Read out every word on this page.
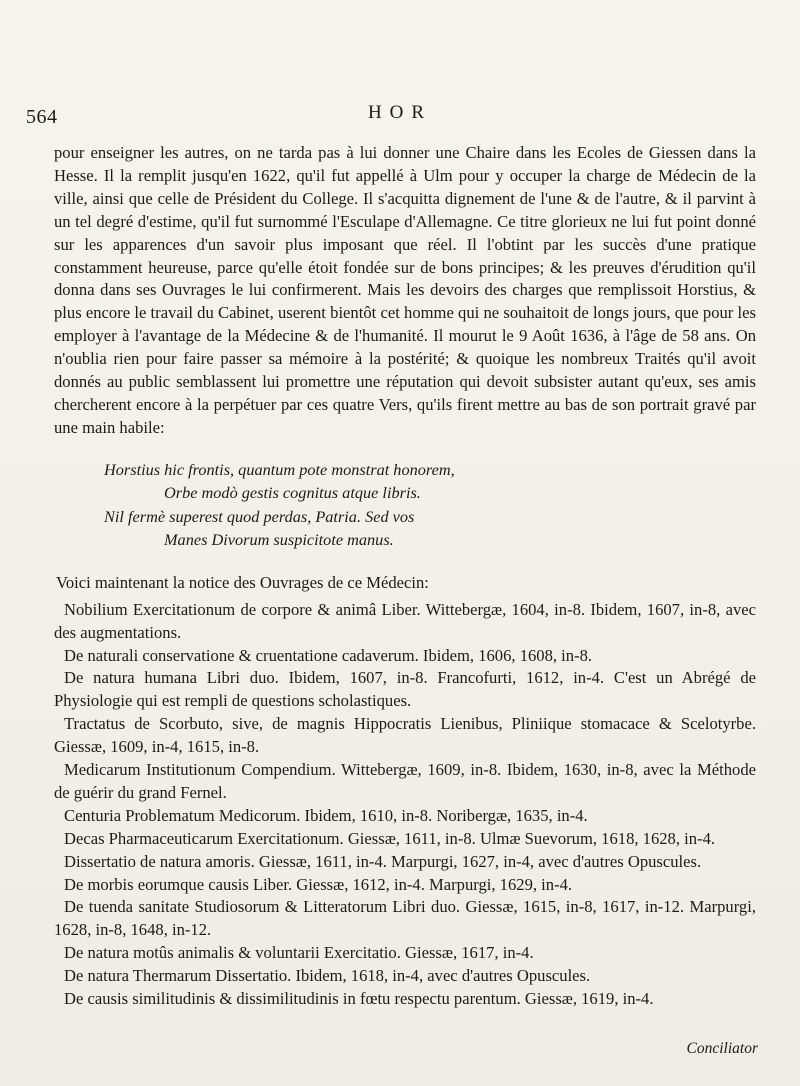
564	HOR

pour enseigner les autres, on ne tarda pas à lui donner une Chaire dans les Ecoles de Giessen dans la Hesse. Il la remplit jusqu'en 1622, qu'il fut appellé à Ulm pour y occuper la charge de Médecin de la ville, ainsi que celle de Président du College. Il s'acquitta dignement de l'une & de l'autre, & il parvint à un tel degré d'estime, qu'il fut surnommé l'Esculape d'Allemagne. Ce titre glorieux ne lui fut point donné sur les apparences d'un savoir plus imposant que réel. Il l'obtint par les succès d'une pratique constamment heureuse, parce qu'elle étoit fondée sur de bons principes; & les preuves d'érudition qu'il donna dans ses Ouvrages le lui confirmerent. Mais les devoirs des charges que remplissoit Horstius, & plus encore le travail du Cabinet, userent bientôt cet homme qui ne souhaitoit de longs jours, que pour les employer à l'avantage de la Médecine & de l'humanité. Il mourut le 9 Août 1636, à l'âge de 58 ans. On n'oublia rien pour faire passer sa mémoire à la postérité; & quoique les nombreux Traités qu'il avoit donnés au public semblassent lui promettre une réputation qui devoit subsister autant qu'eux, ses amis chercherent encore à la perpétuer par ces quatre Vers, qu'ils firent mettre au bas de son portrait gravé par une main habile:

Horstius hic frontis, quantum pote monstrat honorem,
Orbe modò gestis cognitus atque libris.
Nil fermè superest quod perdas, Patria. Sed vos
Manes Divorum suspicitote manus.

Voici maintenant la notice des Ouvrages de ce Médecin:

Nobilium Exercitationum de corpore & animâ Liber. Wittebergæ, 1604, in-8. Ibidem, 1607, in-8, avec des augmentations.

De naturali conservatione & cruentatione cadaverum. Ibidem, 1606, 1608, in-8.

De natura humana Libri duo. Ibidem, 1607, in-8. Francofurti, 1612, in-4. C'est un Abrégé de Physiologie qui est rempli de questions scholastiques.

Tractatus de Scorbuto, sive, de magnis Hippocratis Lienibus, Pliniique stomacace & Scelotyrbe. Giessæ, 1609, in-4, 1615, in-8.

Medicarum Institutionum Compendium. Wittebergæ, 1609, in-8. Ibidem, 1630, in-8, avec la Méthode de guérir du grand Fernel.

Centuria Problematum Medicorum. Ibidem, 1610, in-8. Noribergæ, 1635, in-4.

Decas Pharmaceuticarum Exercitationum. Giessæ, 1611, in-8. Ulmæ Suevorum, 1618, 1628, in-4.

Dissertatio de natura amoris. Giessæ, 1611, in-4. Marpurgi, 1627, in-4, avec d'autres Opuscules.

De morbis eorumque causis Liber. Giessæ, 1612, in-4. Marpurgi, 1629, in-4.

De tuenda sanitate Studiosorum & Litteratorum Libri duo. Giessæ, 1615, in-8, 1617, in-12. Marpurgi, 1628, in-8, 1648, in-12.

De natura motûs animalis & voluntarii Exercitatio. Giessæ, 1617, in-4.

De natura Thermarum Dissertatio. Ibidem, 1618, in-4, avec d'autres Opuscules.

De causis similitudinis & dissimilitudinis in fœtu respectu parentum. Giessæ, 1619, in-4.

Conciliator
